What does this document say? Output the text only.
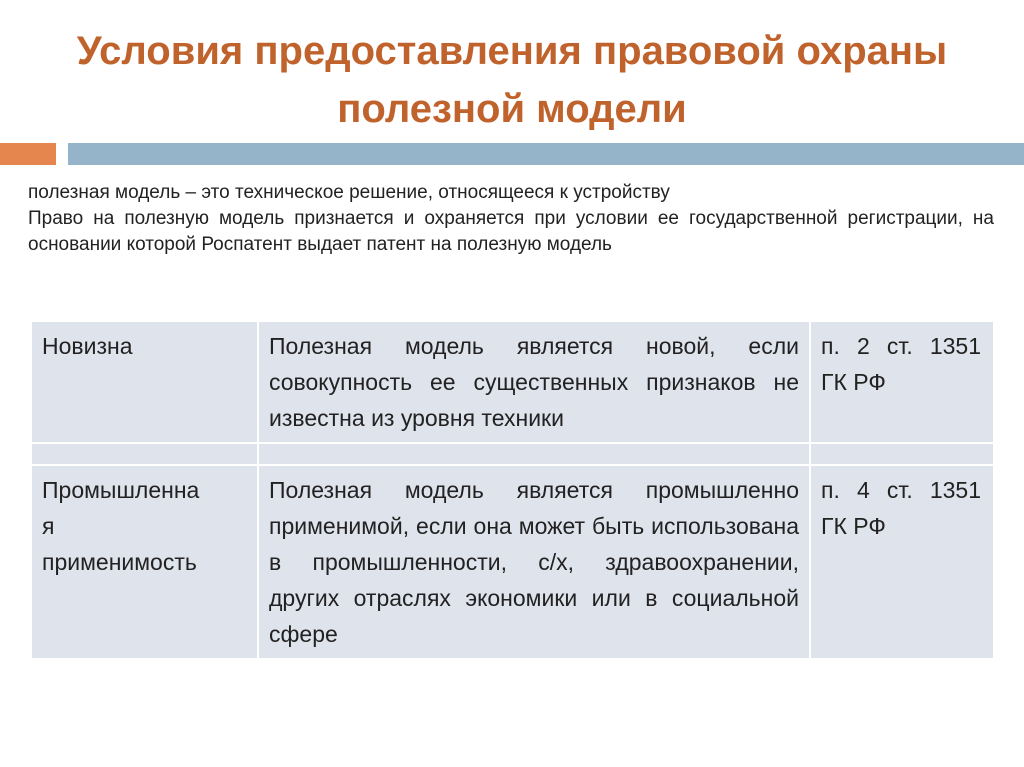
Условия предоставления правовой охраны
полезной модели

полезная модель – это техническое решение, относящееся к устройству

Право на полезную модель признается и охраняется при условии ее государственной регистрации, на основании которой Роспатент выдает патент на полезную модель

Новизна	Полезная модель является новой, если совокупность ее существенных признаков не известна из уровня техники	п. 2 ст. 1351 ГК РФ

Промышленна
я
применимость	Полезная модель является промышленно применимой, если она может быть использована в промышленности, с/х, здравоохранении, других отраслях экономики или в социальной сфере	п. 4 ст. 1351 ГК РФ
